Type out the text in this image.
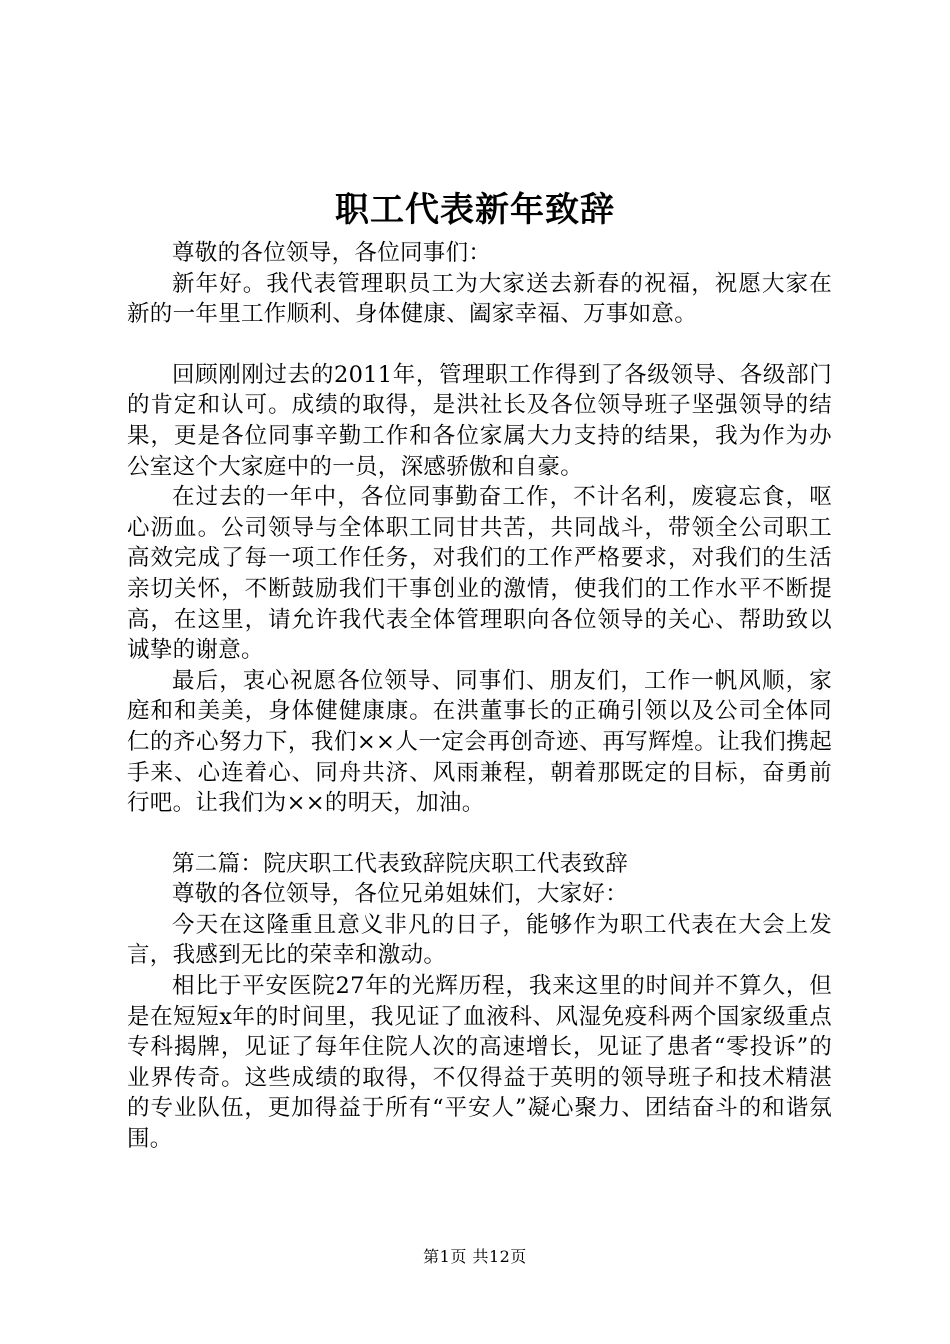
职工代表新年致辞

尊敬的各位领导，各位同事们：

新年好。我代表管理职员工为大家送去新春的祝福，祝愿大家在新的一年里工作顺利、身体健康、阖家幸福、万事如意。

回顾刚刚过去的2011年，管理职工作得到了各级领导、各级部门的肯定和认可。成绩的取得，是洪社长及各位领导班子坚强领导的结果，更是各位同事辛勤工作和各位家属大力支持的结果，我为作为办公室这个大家庭中的一员，深感骄傲和自豪。

在过去的一年中，各位同事勤奋工作，不计名利，废寝忘食，呕心沥血。公司领导与全体职工同甘共苦，共同战斗，带领全公司职工高效完成了每一项工作任务，对我们的工作严格要求，对我们的生活亲切关怀，不断鼓励我们干事创业的激情，使我们的工作水平不断提高，在这里，请允许我代表全体管理职向各位领导的关心、帮助致以诚挚的谢意。

最后，衷心祝愿各位领导、同事们、朋友们，工作一帆风顺，家庭和和美美，身体健健康康。在洪董事长的正确引领以及公司全体同仁的齐心努力下，我们××人一定会再创奇迹、再写辉煌。让我们携起手来、心连着心、同舟共济、风雨兼程，朝着那既定的目标，奋勇前行吧。让我们为××的明天，加油。

第二篇：院庆职工代表致辞院庆职工代表致辞

尊敬的各位领导，各位兄弟姐妹们，大家好：

今天在这隆重且意义非凡的日子，能够作为职工代表在大会上发言，我感到无比的荣幸和激动。

相比于平安医院27年的光辉历程，我来这里的时间并不算久，但是在短短x年的时间里，我见证了血液科、风湿免疫科两个国家级重点专科揭牌，见证了每年住院人次的高速增长，见证了患者“零投诉”的业界传奇。这些成绩的取得，不仅得益于英明的领导班子和技术精湛的专业队伍，更加得益于所有“平安人”凝心聚力、团结奋斗的和谐氛围。

第1页 共12页
